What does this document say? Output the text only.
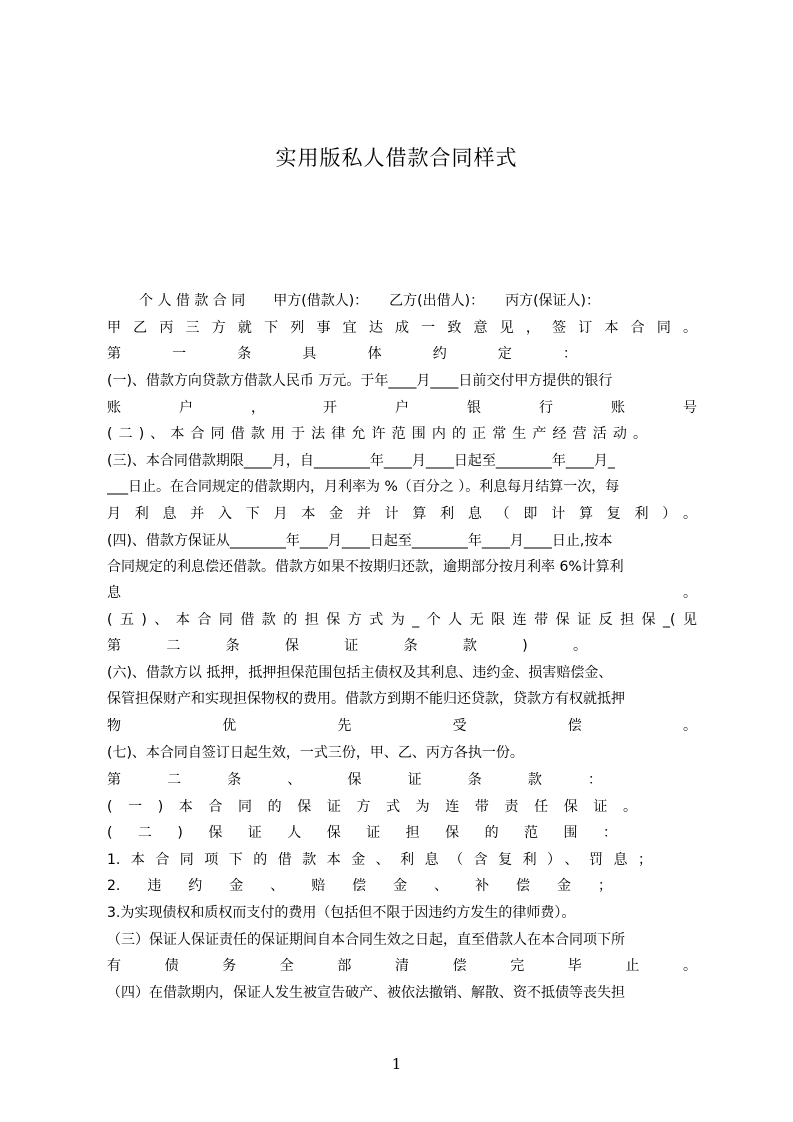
实用版私人借款合同样式
个 人 借 款 合 同　　甲方(借款人)：　　乙方(出借人)：　　丙方(保证人)：
甲乙丙三方就下列事宜达成一致意见，签订本合同。
第一条具体约定：
(一)、借款方向贷款方借款人民币 万元。于年____月____日前交付甲方提供的银行
账户，开户银行账号
(二)、本合同借款用于法律允许范围内的正常生产经营活动。
(三)、本合同借款期限____月，自________年____月____日起至________年____月_
___日止。在合同规定的借款期内，月利率为 %（百分之 ）。利息每月结算一次，每
月利息并入下月本金并计算利息（即计算复利）。
(四)、借款方保证从________年____月____日起至________年____月____日止,按本
合同规定的利息偿还借款。借款方如果不按期归还款，逾期部分按月利率 6%计算利
息 。
(五)、本合同借款的担保方式为_个人无限连带保证反担保_(见
第二条保证条款)。
(六)、借款方以 抵押，抵押担保范围包括主债权及其利息、违约金、损害赔偿金、
保管担保财产和实现担保物权的费用。借款方到期不能归还贷款，贷款方有权就抵押
物优先受偿。
(七)、本合同自签订日起生效，一式三份，甲、乙、丙方各执一份。
第二条、保证条款：
(一)本合同的保证方式为连带责任保证。
(二)保证人保证担保的范围：
1.本合同项下的借款本金、利息（含复利）、罚息；
2.违约金、赔偿金、补偿金；
3.为实现债权和质权而支付的费用（包括但不限于因违约方发生的律师费）。
（三）保证人保证责任的保证期间自本合同生效之日起，直至借款人在本合同项下所
有债务全部清偿完毕止。
（四）在借款期内，保证人发生被宣告破产、被依法撤销、解散、资不抵债等丧失担
1
